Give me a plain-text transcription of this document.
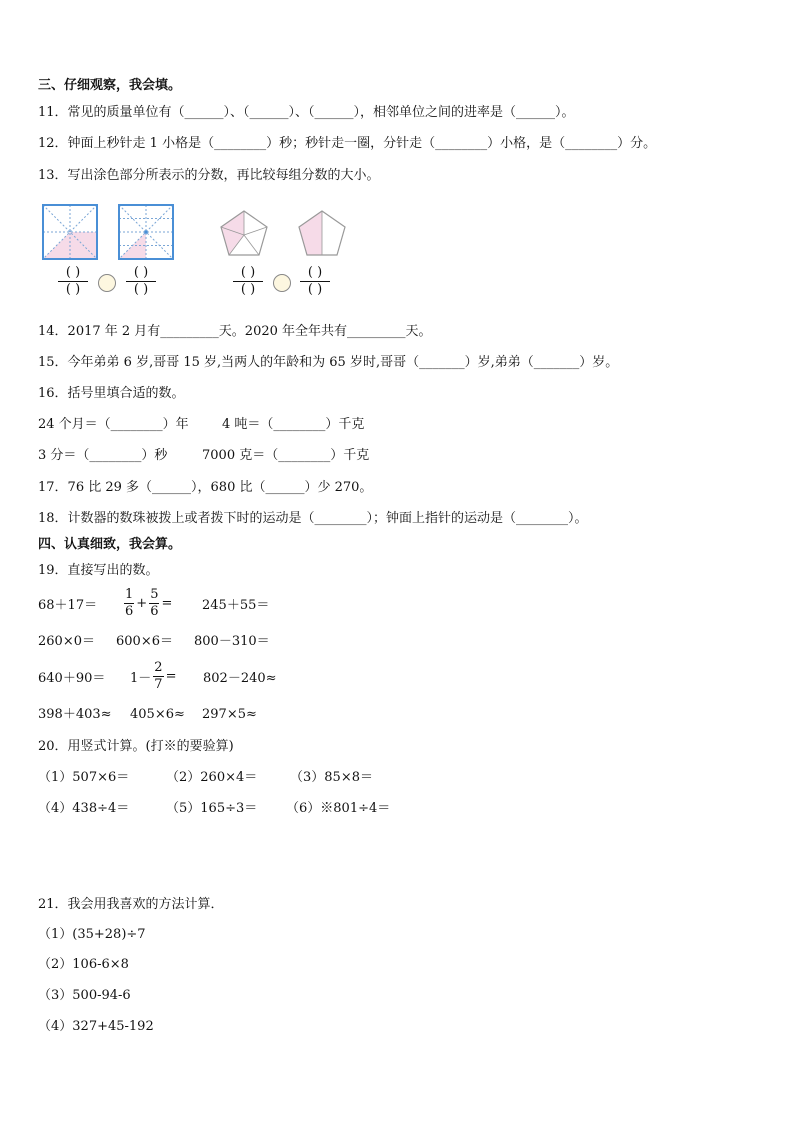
三、仔细观察，我会填。
11．常见的质量单位有（______）、（______）、（______），相邻单位之间的进率是（______）。
12．钟面上秒针走 1 小格是（________）秒；秒针走一圈，分针走（________）小格，是（________）分。
13．写出涂色部分所表示的分数，再比较每组分数的大小。
( )
( )
( )
( )
( )
( )
( )
( )
14．2017 年 2 月有_________天。2020 年全年共有_________天。
15．今年弟弟 6 岁,哥哥 15 岁,当两人的年龄和为 65 岁时,哥哥（_______）岁,弟弟（_______）岁。
16．括号里填合适的数。
24 个月＝（________）年	4 吨＝（________）千克
3 分＝（________）秒	7000 克＝（________）千克
17．76 比 29 多（______），680 比（______）少 270。
18．计数器的数珠被拨上或者拨下时的运动是（________）；钟面上指针的运动是（________）。
四、认真细致，我会算。
19．直接写出的数。
$68+17= \frac{1}{6} + \frac{5}{6} = 245+55=$
260×0＝ 600×6＝ 800－310＝
$640+90= 1- \frac{2}{7} = 802-240\approx$
398＋403≈ 405×6≈ 297×5≈
20．用竖式计算。(打※的要验算)
（1）507×6＝	（2）260×4＝	（3）85×8＝
（4）438÷4＝	（5）165÷3＝ （6）※801÷4＝
21．我会用我喜欢的方法计算．
（1）(35+28)÷7
（2）106-6×8
（3）500-94-6
（4）327+45-192
